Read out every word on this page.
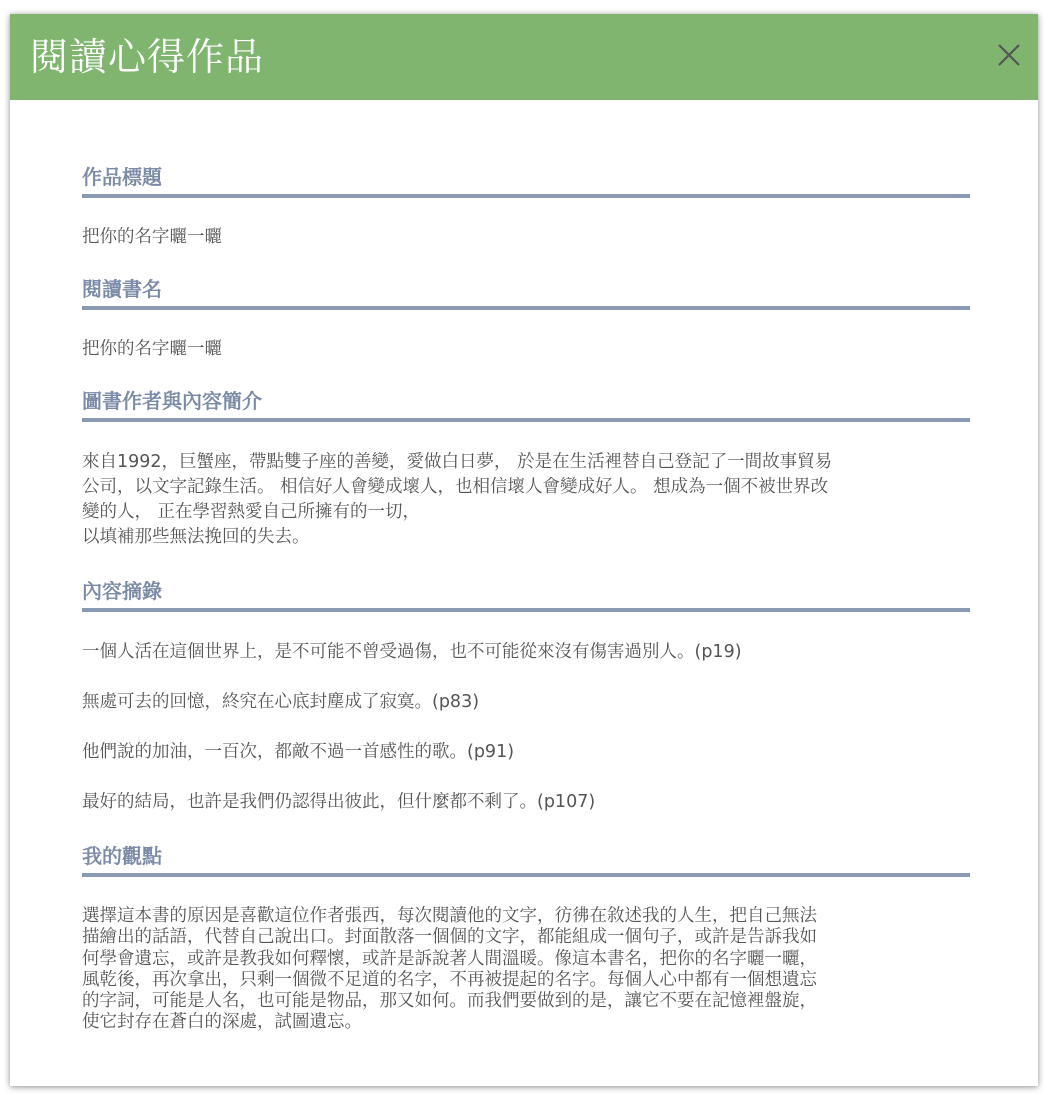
閱讀心得作品
作品標題
把你的名字曬一曬
閱讀書名
把你的名字曬一曬
圖書作者與內容簡介
來自1992，巨蟹座，帶點雙子座的善變，愛做白日夢， 於是在生活裡替自己登記了一間故事貿易
公司，以文字記錄生活。 相信好人會變成壞人，也相信壞人會變成好人。 想成為一個不被世界改
變的人， 正在學習熱愛自己所擁有的一切，
以填補那些無法挽回的失去。
內容摘錄
一個人活在這個世界上，是不可能不曾受過傷，也不可能從來沒有傷害過別人。(p19)
無處可去的回憶，終究在心底封塵成了寂寞。(p83)
他們說的加油，一百次，都敵不過一首感性的歌。(p91)
最好的結局，也許是我們仍認得出彼此，但什麼都不剩了。(p107)
我的觀點
選擇這本書的原因是喜歡這位作者張西，每次閱讀他的文字，彷彿在敘述我的人生，把自己無法
描繪出的話語，代替自己說出口。封面散落一個個的文字，都能組成一個句子，或許是告訴我如
何學會遺忘，或許是教我如何釋懷，或許是訴說著人間溫暖。像這本書名，把你的名字曬一曬，
風乾後，再次拿出，只剩一個微不足道的名字，不再被提起的名字。每個人心中都有一個想遺忘
的字詞，可能是人名，也可能是物品，那又如何。而我們要做到的是，讓它不要在記憶裡盤旋，
使它封存在蒼白的深處，試圖遺忘。
